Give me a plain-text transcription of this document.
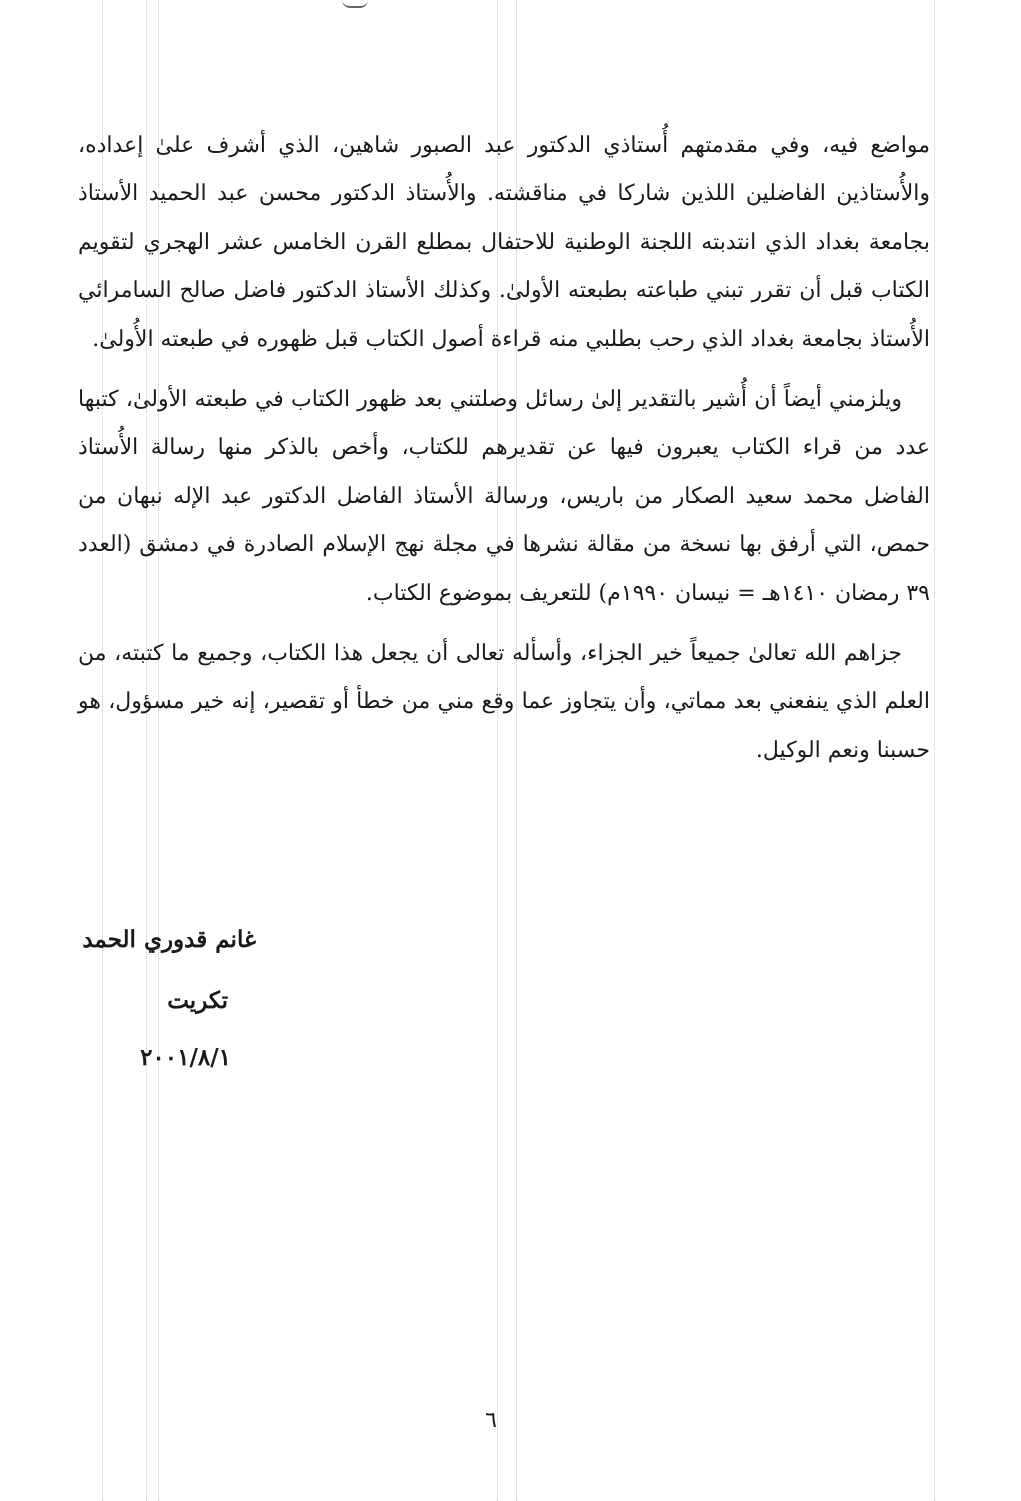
مواضع فيه، وفي مقدمتهم أُستاذي الدكتور عبد الصبور شاهين، الذي أشرف علىٰ إعداده، والأُستاذين الفاضلين اللذين شاركا في مناقشته. والأُستاذ الدكتور محسن عبد الحميد الأستاذ بجامعة بغداد الذي انتدبته اللجنة الوطنية للاحتفال بمطلع القرن الخامس عشر الهجري لتقويم الكتاب قبل أن تقرر تبني طباعته بطبعته الأولىٰ. وكذلك الأستاذ الدكتور فاضل صالح السامرائي الأُستاذ بجامعة بغداد الذي رحب بطلبي منه قراءة أصول الكتاب قبل ظهوره في طبعته الأُولىٰ.

ويلزمني أيضاً أن أُشير بالتقدير إلىٰ رسائل وصلتني بعد ظهور الكتاب في طبعته الأولىٰ، كتبها عدد من قراء الكتاب يعبرون فيها عن تقديرهم للكتاب، وأخص بالذكر منها رسالة الأُستاذ الفاضل محمد سعيد الصكار من باريس، ورسالة الأستاذ الفاضل الدكتور عبد الإله نبهان من حمص، التي أرفق بها نسخة من مقالة نشرها في مجلة نهج الإسلام الصادرة في دمشق (العدد ٣٩ رمضان ١٤١٠هـ = نيسان ١٩٩٠م) للتعريف بموضوع الكتاب.

جزاهم الله تعالىٰ جميعاً خير الجزاء، وأسأله تعالى أن يجعل هذا الكتاب، وجميع ما كتبته، من العلم الذي ينفعني بعد مماتي، وأن يتجاوز عما وقع مني من خطأ أو تقصير، إنه خير مسؤول، هو حسبنا ونعم الوكيل.

غانم قدوري الحمد
تكريت
٢٠٠١/٨/١
٦
